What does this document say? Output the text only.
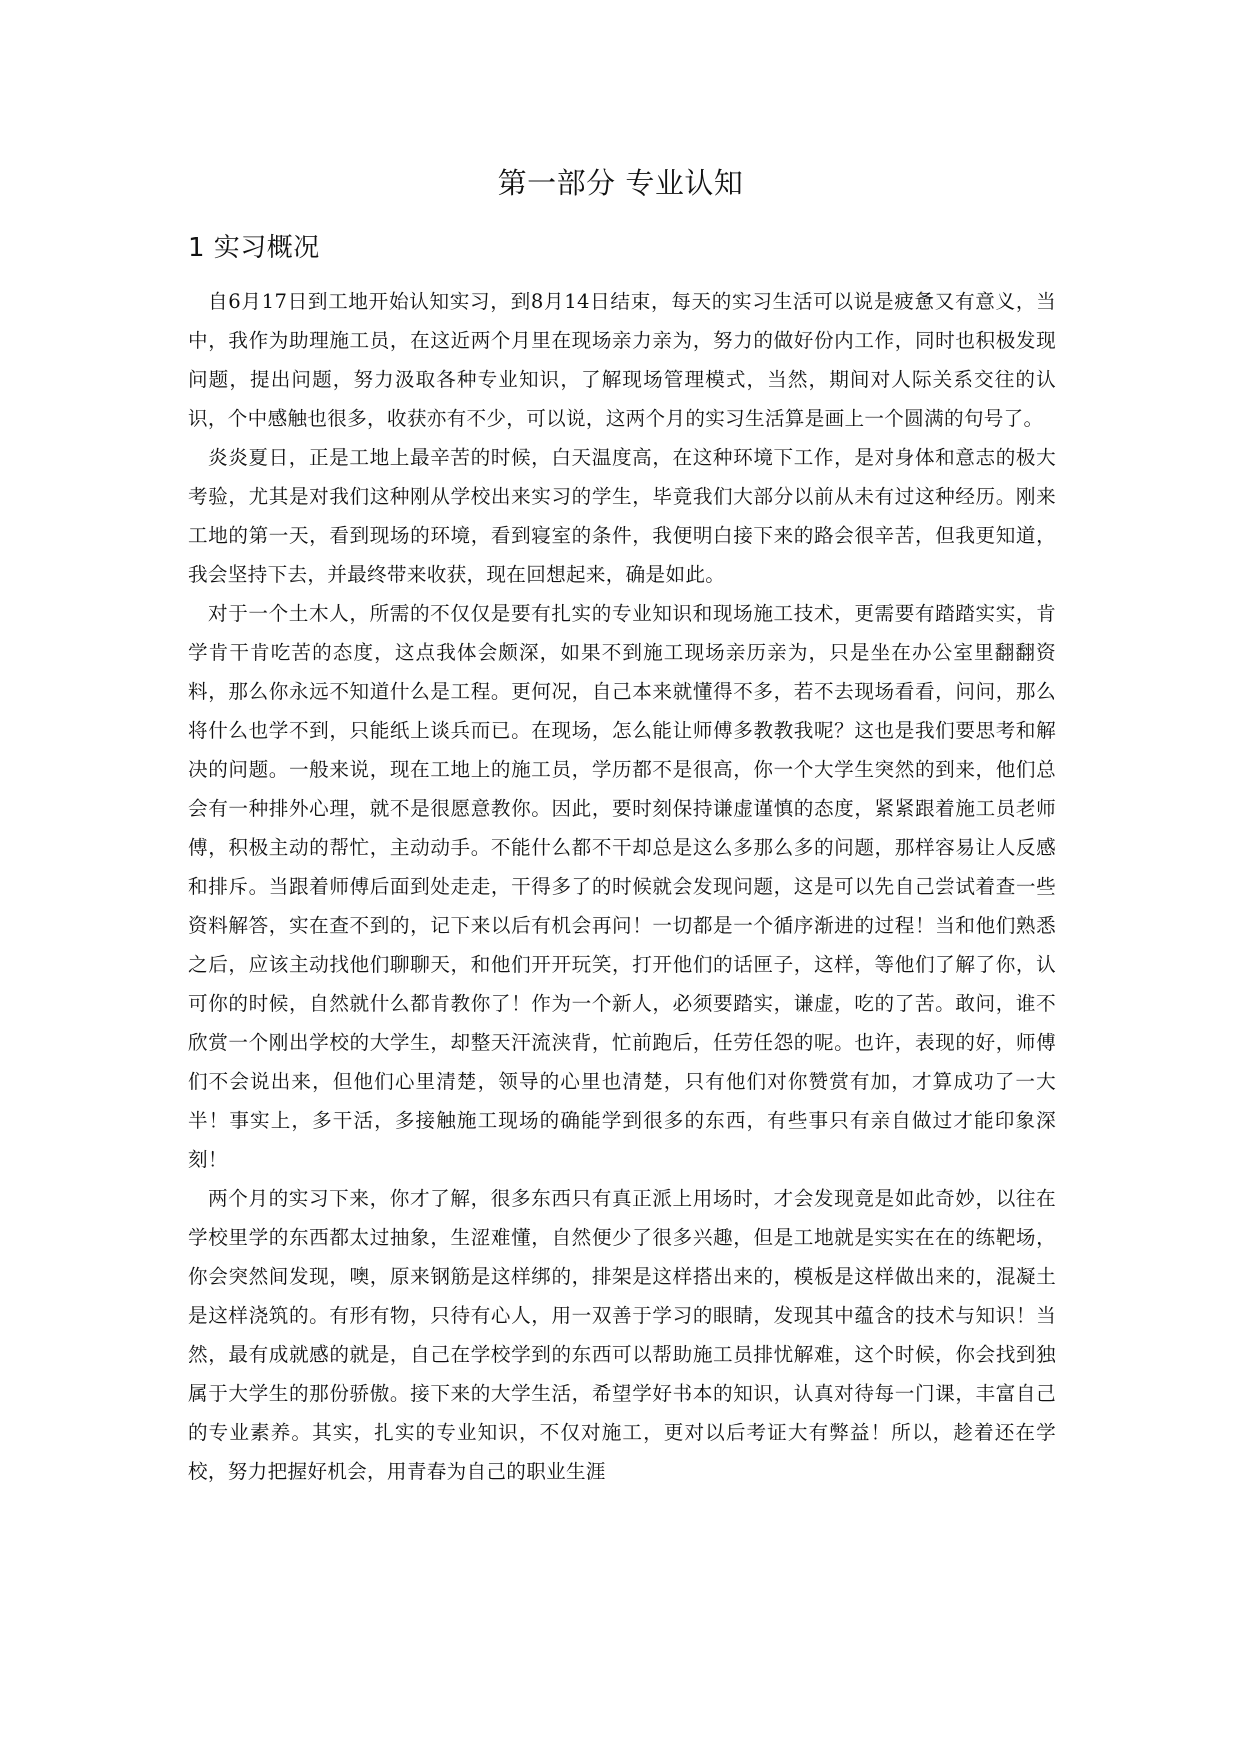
第一部分 专业认知
1 实习概况

自6月17日到工地开始认知实习，到8月14日结束，每天的实习生活可以说是疲惫又有意义，当中，我作为助理施工员，在这近两个月里在现场亲力亲为，努力的做好份内工作，同时也积极发现问题，提出问题，努力汲取各种专业知识，了解现场管理模式，当然，期间对人际关系交往的认识，个中感触也很多，收获亦有不少，可以说，这两个月的实习生活算是画上一个圆满的句号了。

炎炎夏日，正是工地上最辛苦的时候，白天温度高，在这种环境下工作，是对身体和意志的极大考验，尤其是对我们这种刚从学校出来实习的学生，毕竟我们大部分以前从未有过这种经历。刚来工地的第一天，看到现场的环境，看到寝室的条件，我便明白接下来的路会很辛苦，但我更知道，我会坚持下去，并最终带来收获，现在回想起来，确是如此。

对于一个土木人，所需的不仅仅是要有扎实的专业知识和现场施工技术，更需要有踏踏实实，肯学肯干肯吃苦的态度，这点我体会颇深，如果不到施工现场亲历亲为，只是坐在办公室里翻翻资料，那么你永远不知道什么是工程。更何况，自己本来就懂得不多，若不去现场看看，问问，那么将什么也学不到，只能纸上谈兵而已。在现场，怎么能让师傅多教教我呢？这也是我们要思考和解决的问题。一般来说，现在工地上的施工员，学历都不是很高，你一个大学生突然的到来，他们总会有一种排外心理，就不是很愿意教你。因此，要时刻保持谦虚谨慎的态度，紧紧跟着施工员老师傅，积极主动的帮忙，主动动手。不能什么都不干却总是这么多那么多的问题，那样容易让人反感和排斥。当跟着师傅后面到处走走，干得多了的时候就会发现问题，这是可以先自己尝试着查一些资料解答，实在查不到的，记下来以后有机会再问！一切都是一个循序渐进的过程！当和他们熟悉之后，应该主动找他们聊聊天，和他们开开玩笑，打开他们的话匣子，这样，等他们了解了你，认可你的时候，自然就什么都肯教你了！作为一个新人，必须要踏实，谦虚，吃的了苦。敢问，谁不欣赏一个刚出学校的大学生，却整天汗流浃背，忙前跑后，任劳任怨的呢。也许，表现的好，师傅们不会说出来，但他们心里清楚，领导的心里也清楚，只有他们对你赞赏有加，才算成功了一大半！事实上，多干活，多接触施工现场的确能学到很多的东西，有些事只有亲自做过才能印象深刻！

两个月的实习下来，你才了解，很多东西只有真正派上用场时，才会发现竟是如此奇妙，以往在学校里学的东西都太过抽象，生涩难懂，自然便少了很多兴趣，但是工地就是实实在在的练靶场，你会突然间发现，噢，原来钢筋是这样绑的，排架是这样搭出来的，模板是这样做出来的，混凝土是这样浇筑的。有形有物，只待有心人，用一双善于学习的眼睛，发现其中蕴含的技术与知识！当然，最有成就感的就是，自己在学校学到的东西可以帮助施工员排忧解难，这个时候，你会找到独属于大学生的那份骄傲。接下来的大学生活，希望学好书本的知识，认真对待每一门课，丰富自己的专业素养。其实，扎实的专业知识，不仅对施工，更对以后考证大有弊益！所以，趁着还在学校，努力把握好机会，用青春为自己的职业生涯
